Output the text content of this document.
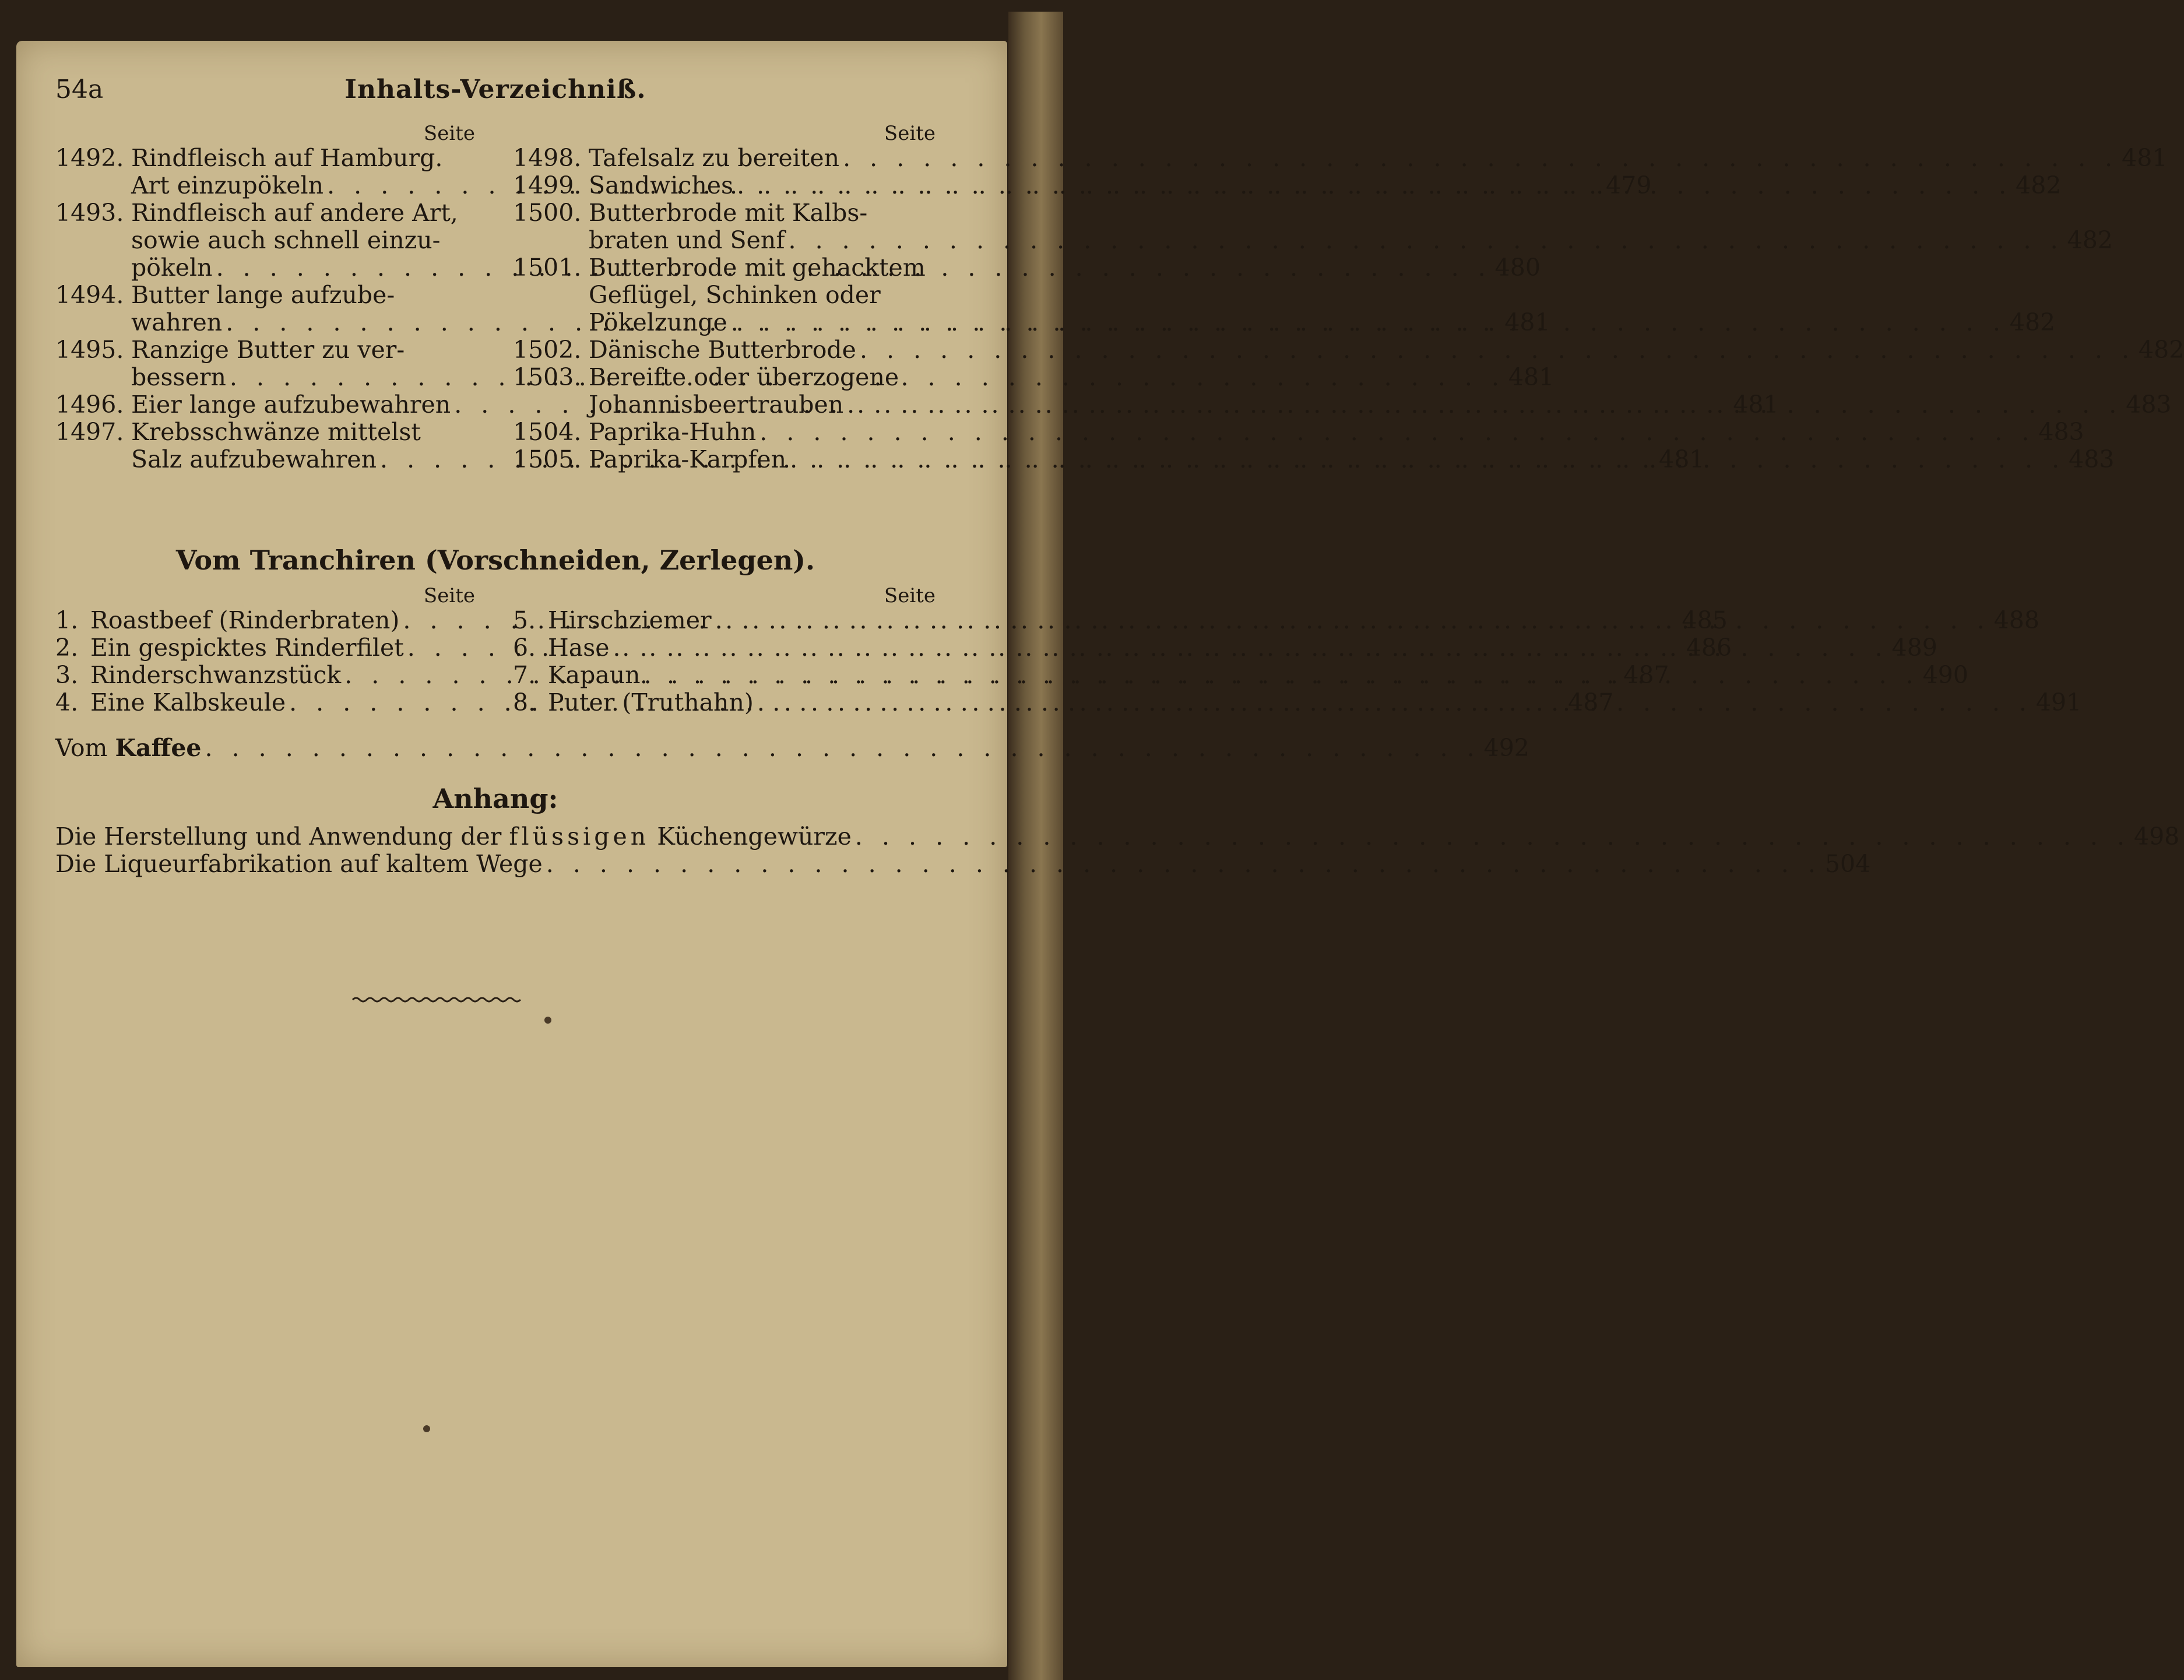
54a	Inhalts-Verzeichniß.
Seite
1492. Rindfleisch auf Hamburg.
Art einzupökeln . . .	479
1493. Rindfleisch auf andere Art,
sowie auch schnell einzu-
pökeln . . .	480
1494. Butter lange aufzube-
wahren . . .	481
1495. Ranzige Butter zu ver-
bessern . . .	481
1496. Eier lange aufzubewahren . . .	481
1497. Krebsschwänze mittelst
Salz aufzubewahren . . .	481
Seite
1498. Tafelsalz zu bereiten . . .	481
1499. Sandwiches . . .	482
1500. Butterbrode mit Kalbs-
braten und Senf . . .	482
1501. Butterbrode mit gehacktem
Geflügel, Schinken oder
Pökelzunge . . .	482
1502. Dänische Butterbrode . . .	482
1503. Bereifte oder überzogene
Johannisbeertrauben . . .	483
1504. Paprika-Huhn . . .	483
1505. Paprika-Karpfen . . .	483
Vom Tranchiren (Vorschneiden, Zerlegen).
Seite
1. Roastbeef (Rinderbraten) . . .	485
2. Ein gespicktes Rinderfilet . . .	486
3. Rinderschwanzstück . . .	487
4. Eine Kalbskeule . . .	487
Seite
5. Hirschziemer . . .	488
6. Hase . . .	489
7. Kapaun . . .	490
8. Puter (Truthahn) . . .	491
Vom Kaffee . . .	492
Anhang:
Die Herstellung und Anwendung der flüssigen Küchengewürze . . .	498
Die Liqueurfabrikation auf kaltem Wege . . .	504
